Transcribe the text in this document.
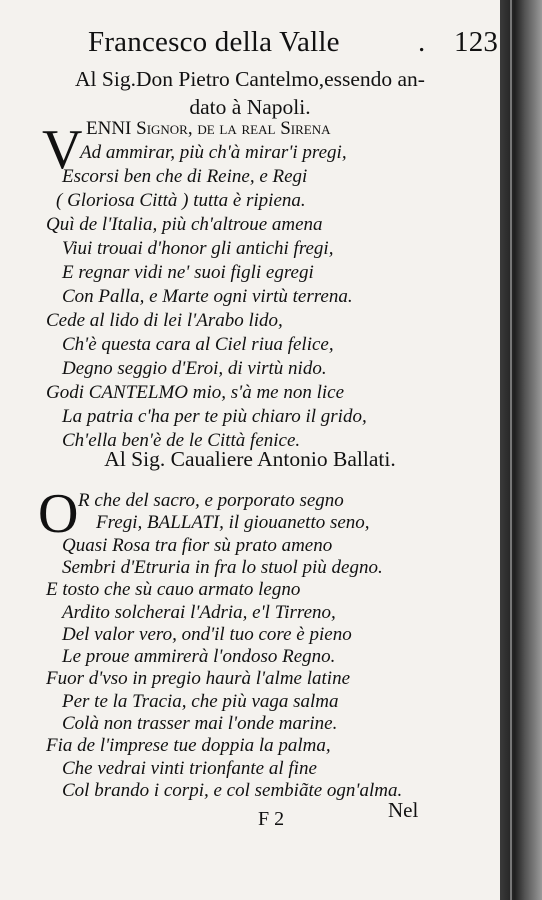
Francesco della Valle	. 123
Al Sig.Don Pietro Cantelmo,essendo an-
dato à Napoli.
V ENNI Signor, de la real Sirena
Ad ammirar, più ch'à mirar'i pregi,
Escorsi ben che di Reine, e Regi
( Gloriosa Città ) tutta è ripiena.
Quì de l'Italia, più ch'altroue amena
Viui trouai d'honor gli antichi fregi,
E regnar vidi ne' suoi figli egregi
Con Palla, e Marte ogni virtù terrena.
Cede al lido di lei l'Arabo lido,
Ch'è questa cara al Ciel riua felice,
Degno seggio d'Eroi, di virtù nido.
Godi CANTELMO mio, s'à me non lice
La patria c'ha per te più chiaro il grido,
Ch'ella ben'è de le Città fenice.
Al Sig. Caualiere Antonio Ballati.
O R che del sacro, e porporato segno
Fregi, BALLATI, il giouanetto seno,
Quasi Rosa tra fior sù prato ameno
Sembri d'Etruria in fra lo stuol più degno.
E tosto che sù cauo armato legno
Ardito solcherai l'Adria, e'l Tirreno,
Del valor vero, ond'il tuo core è pieno
Le proue ammirerà l'ondoso Regno.
Fuor d'vso in pregio haurà l'alme latine
Per te la Tracia, che più vaga salma
Colà non trasser mai l'onde marine.
Fia de l'imprese tue doppia la palma,
Che vedrai vinti trionfante al fine
F 2	Nel
Col brando i corpi, e col sembiãte ogn'alma.
